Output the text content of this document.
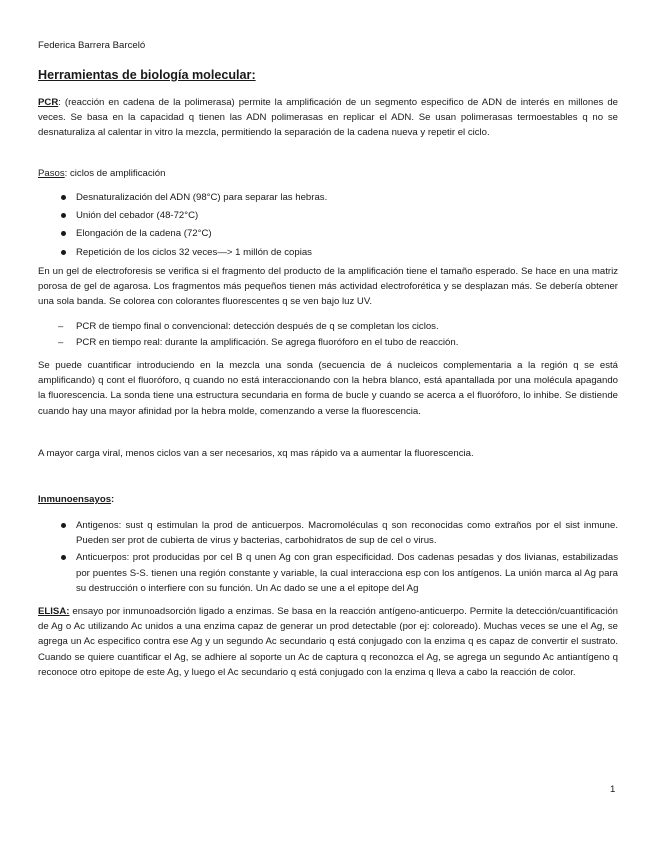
Federica Barrera Barceló
Herramientas de biología molecular:

PCR: (reacción en cadena de la polimerasa) permite la amplificación de un segmento especifico de ADN de interés en millones de veces. Se basa en la capacidad q tienen las ADN polimerasas en replicar el ADN. Se usan polimerasas termoestables q no se desnaturaliza al calentar in vitro la mezcla, permitiendo la separación de la cadena nueva y repetir el ciclo.

Pasos: ciclos de amplificación

Desnaturalización del ADN (98°C) para separar las hebras.
Unión del cebador (48-72°C)
Elongación de la cadena (72°C)
Repetición de los ciclos 32 veces—> 1 millón de copias

En un gel de electroforesis se verifica si el fragmento del producto de la amplificación tiene el tamaño esperado. Se hace en una matriz porosa de gel de agarosa. Los fragmentos más pequeños tienen más actividad electroforética y se desplazan más. Se debería obtener una sola banda. Se colorea con colorantes fluorescentes q se ven bajo luz UV.

– PCR de tiempo final o convencional: detección después de q se completan los ciclos.
– PCR en tiempo real: durante la amplificación. Se agrega fluoróforo en el tubo de reacción.

Se puede cuantificar introduciendo en la mezcla una sonda (secuencia de á nucleicos complementaria a la región q se está amplificando) q cont el fluoróforo, q cuando no está interaccionando con la hebra blanco, está apantallada por una molécula apagando la fluorescencia. La sonda tiene una estructura secundaria en forma de bucle y cuando se acerca a el fluoróforo, lo inhibe. Se distiende cuando hay una mayor afinidad por la hebra molde, comenzando a verse la fluorescencia.

A mayor carga viral, menos ciclos van a ser necesarios, xq mas rápido va a aumentar la fluorescencia.

Inmunoensayos:

Antigenos: sust q estimulan la prod de anticuerpos. Macromoléculas q son reconocidas como extraños por el sist inmune. Pueden ser prot de cubierta de virus y bacterias, carbohidratos de sup de cel o virus.
Anticuerpos: prot producidas por cel B q unen Ag con gran especificidad. Dos cadenas pesadas y dos livianas, estabilizadas por puentes S-S. tienen una región constante y variable, la cual interacciona esp con los antígenos. La unión marca al Ag para su destrucción o interfiere con su función. Un Ac dado se une a el epitope del Ag

ELISA: ensayo por inmunoadsorción ligado a enzimas. Se basa en la reacción antígeno-anticuerpo. Permite la detección/cuantificación de Ag o Ac utilizando Ac unidos a una enzima capaz de generar un prod detectable (por ej: coloreado). Muchas veces se une el Ag, se agrega un Ac especifico contra ese Ag y un segundo Ac secundario q está conjugado con la enzima q es capaz de convertir el sustrato. Cuando se quiere cuantificar el Ag, se adhiere al soporte un Ac de captura q reconozca el Ag, se agrega un segundo Ac antiantígeno q reconoce otro epitope de este Ag, y luego el Ac secundario q está conjugado con la enzima q lleva a cabo la reacción de color.

1
